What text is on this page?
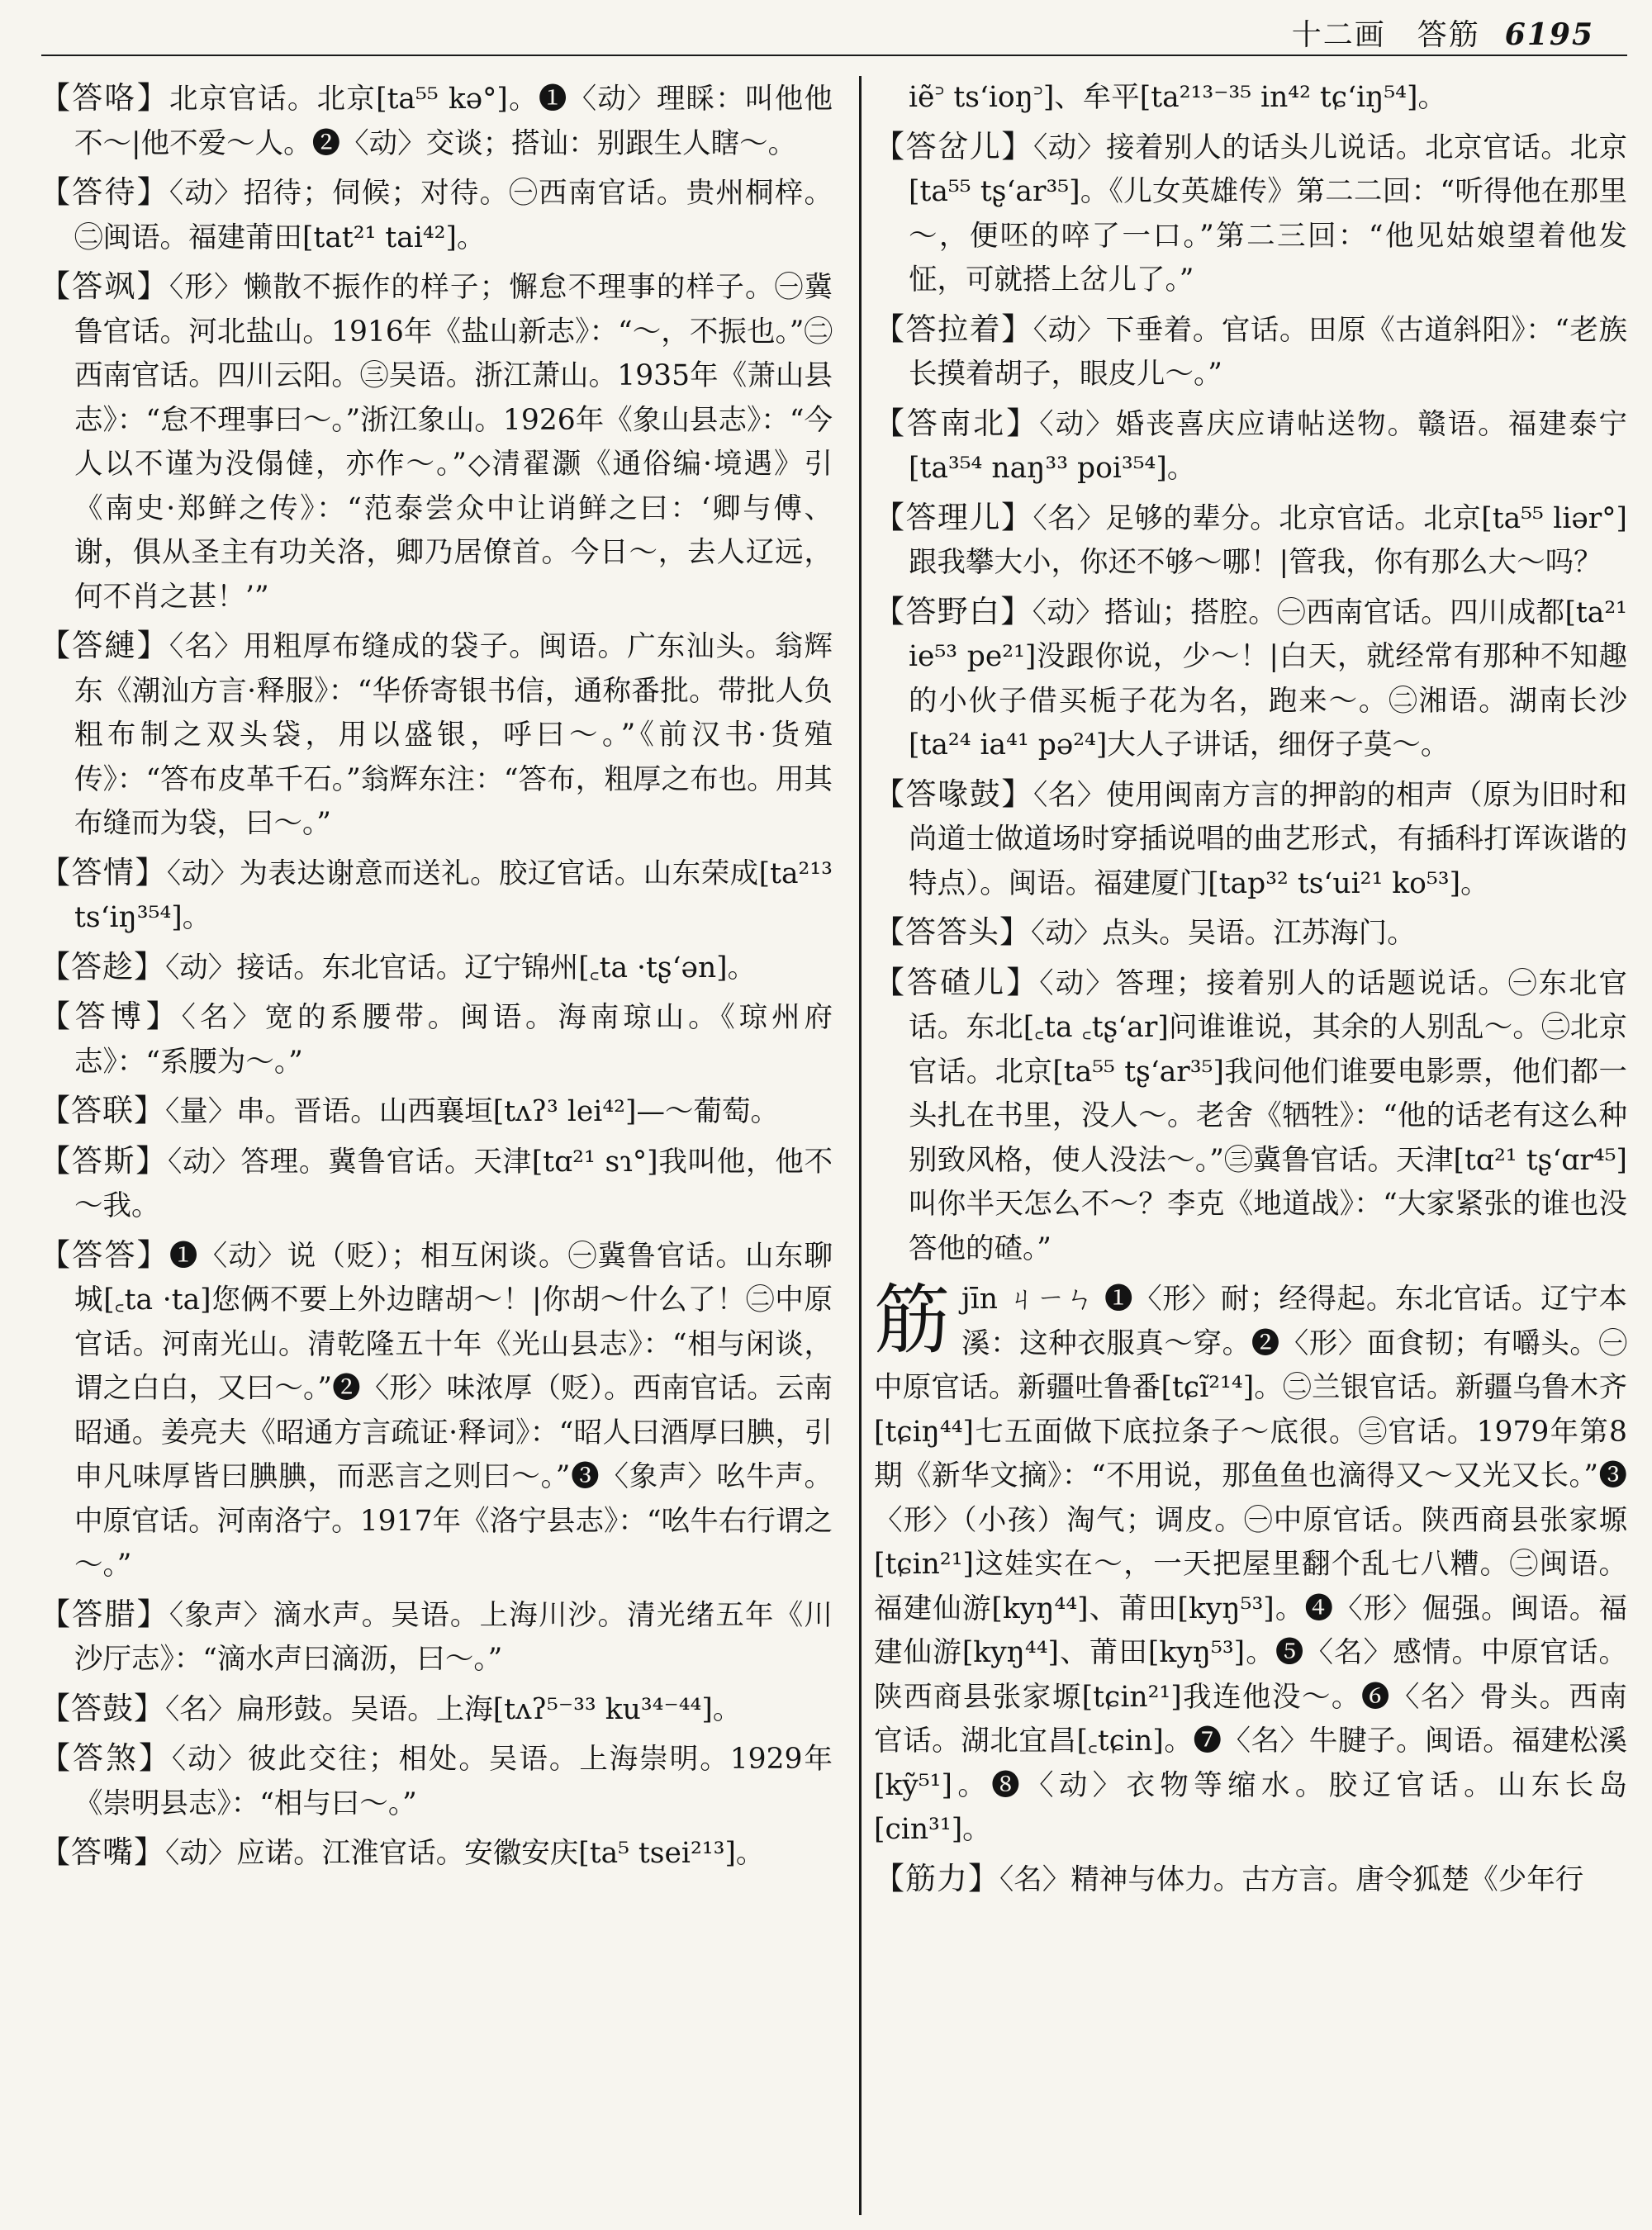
十二画　答筋 6195

【答咯】北京官话。北京[ta⁵⁵ kə°]。❶〈动〉理睬：叫他他不～|他不爱～人。❷〈动〉交谈；搭讪：别跟生人瞎～。

【答待】〈动〉招待；伺候；对待。㊀西南官话。贵州桐梓。㊁闽语。福建莆田[tat²¹ tai⁴²]。

【答飒】〈形〉懒散不振作的样子；懈怠不理事的样子。㊀冀鲁官话。河北盐山。1916年《盐山新志》：“～，不振也。”㊁西南官话。四川云阳。㊂吴语。浙江萧山。1935年《萧山县志》：“怠不理事曰～。”浙江象山。1926年《象山县志》：“今人以不谨为没傝㒓，亦作～。”◇清翟灏《通俗编·境遇》引《南史·郑鲜之传》：“范泰尝众中让诮鲜之曰：‘卿与傅、谢，俱从圣主有功关洛，卿乃居僚首。今日～，去人辽远，何不肖之甚！’”

【答縺】〈名〉用粗厚布缝成的袋子。闽语。广东汕头。翁辉东《潮汕方言·释服》：“华侨寄银书信，通称番批。带批人负粗布制之双头袋，用以盛银，呼曰～。”《前汉书·货殖传》：“答布皮革千石。”翁辉东注：“答布，粗厚之布也。用其布缝而为袋，曰～。”

【答情】〈动〉为表达谢意而送礼。胶辽官话。山东荣成[ta²¹³ ts‘iŋ³⁵⁴]。

【答趁】〈动〉接话。东北官话。辽宁锦州[꜀ta ·tʂ‘ən]。

【答博】〈名〉宽的系腰带。闽语。海南琼山。《琼州府志》：“系腰为～。”

【答联】〈量〉串。晋语。山西襄垣[tʌʔ³ lei⁴²]—～葡萄。

【答斯】〈动〉答理。冀鲁官话。天津[tɑ²¹ sɿ°]我叫他，他不～我。

【答答】❶〈动〉说（贬）；相互闲谈。㊀冀鲁官话。山东聊城[꜀ta ·ta]您俩不要上外边瞎胡～！|你胡～什么了！㊁中原官话。河南光山。清乾隆五十年《光山县志》：“相与闲谈，谓之白白，又曰～。”❷〈形〉味浓厚（贬）。西南官话。云南昭通。姜亮夫《昭通方言疏证·释词》：“昭人曰酒厚曰腆，引申凡味厚皆曰腆腆，而恶言之则曰～。”❸〈象声〉吆牛声。中原官话。河南洛宁。1917年《洛宁县志》：“吆牛右行谓之～。”

【答腊】〈象声〉滴水声。吴语。上海川沙。清光绪五年《川沙厅志》：“滴水声曰滴沥，曰～。”

【答鼓】〈名〉扁形鼓。吴语。上海[tʌʔ⁵⁻³³ ku³⁴⁻⁴⁴]。

【答煞】〈动〉彼此交往；相处。吴语。上海崇明。1929年《崇明县志》：“相与曰～。”

【答嘴】〈动〉应诺。江淮官话。安徽安庆[ta⁵ tsei²¹³]。

iẽ꜄ ts‘ioŋ꜄]、牟平[ta²¹³⁻³⁵ in⁴² tɕ‘iŋ⁵⁴]。

【答岔儿】〈动〉接着别人的话头儿说话。北京官话。北京[ta⁵⁵ tʂ‘ar³⁵]。《儿女英雄传》第二二回：“听得他在那里～，便呸的啐了一口。”第二三回：“他见姑娘望着他发怔，可就搭上岔儿了。”

【答拉着】〈动〉下垂着。官话。田原《古道斜阳》：“老族长摸着胡子，眼皮儿～。”

【答南北】〈动〉婚丧喜庆应请帖送物。赣语。福建泰宁[ta³⁵⁴ naŋ³³ poi³⁵⁴]。

【答理儿】〈名〉足够的辈分。北京官话。北京[ta⁵⁵ liər°]跟我攀大小，你还不够～哪！|管我，你有那么大～吗？

【答野白】〈动〉搭讪；搭腔。㊀西南官话。四川成都[ta²¹ ie⁵³ pe²¹]没跟你说，少～！|白天，就经常有那种不知趣的小伙子借买栀子花为名，跑来～。㊁湘语。湖南长沙[ta²⁴ ia⁴¹ pə²⁴]大人子讲话，细伢子莫～。

【答喙鼓】〈名〉使用闽南方言的押韵的相声（原为旧时和尚道士做道场时穿插说唱的曲艺形式，有插科打诨诙谐的特点）。闽语。福建厦门[tap³² ts‘ui²¹ ko⁵³]。

【答答头】〈动〉点头。吴语。江苏海门。

【答碴儿】〈动〉答理；接着别人的话题说话。㊀东北官话。东北[꜀ta ꜀tʂ‘ar]问谁谁说，其余的人别乱～。㊁北京官话。北京[ta⁵⁵ tʂ‘ar³⁵]我问他们谁要电影票，他们都一头扎在书里，没人～。老舍《牺牲》：“他的话老有这么种别致风格，使人没法～。”㊂冀鲁官话。天津[tɑ²¹ tʂ‘ɑr⁴⁵]叫你半天怎么不～？李克《地道战》：“大家紧张的谁也没答他的碴。”

筋jīn ㄐㄧㄣ ❶〈形〉耐；经得起。东北官话。辽宁本溪：这种衣服真～穿。❷〈形〉面食韧；有嚼头。㊀中原官话。新疆吐鲁番[tɕĩ²¹⁴]。㊁兰银官话。新疆乌鲁木齐[tɕiŋ⁴⁴]七五面做下底拉条子～底很。㊂官话。1979年第8期《新华文摘》：“不用说，那鱼鱼也滴得又～又光又长。”❸〈形〉（小孩）淘气；调皮。㊀中原官话。陕西商县张家塬[tɕin²¹]这娃实在～，一天把屋里翻个乱七八糟。㊁闽语。福建仙游[kyŋ⁴⁴]、莆田[kyŋ⁵³]。❹〈形〉倔强。闽语。福建仙游[kyŋ⁴⁴]、莆田[kyŋ⁵³]。❺〈名〉感情。中原官话。陕西商县张家塬[tɕin²¹]我连他没～。❻〈名〉骨头。西南官话。湖北宜昌[꜀tɕin]。❼〈名〉牛腱子。闽语。福建松溪[kỹ⁵¹]。❽〈动〉衣物等缩水。胶辽官话。山东长岛[cin³¹]。

【筋力】〈名〉精神与体力。古方言。唐令狐楚《少年行
